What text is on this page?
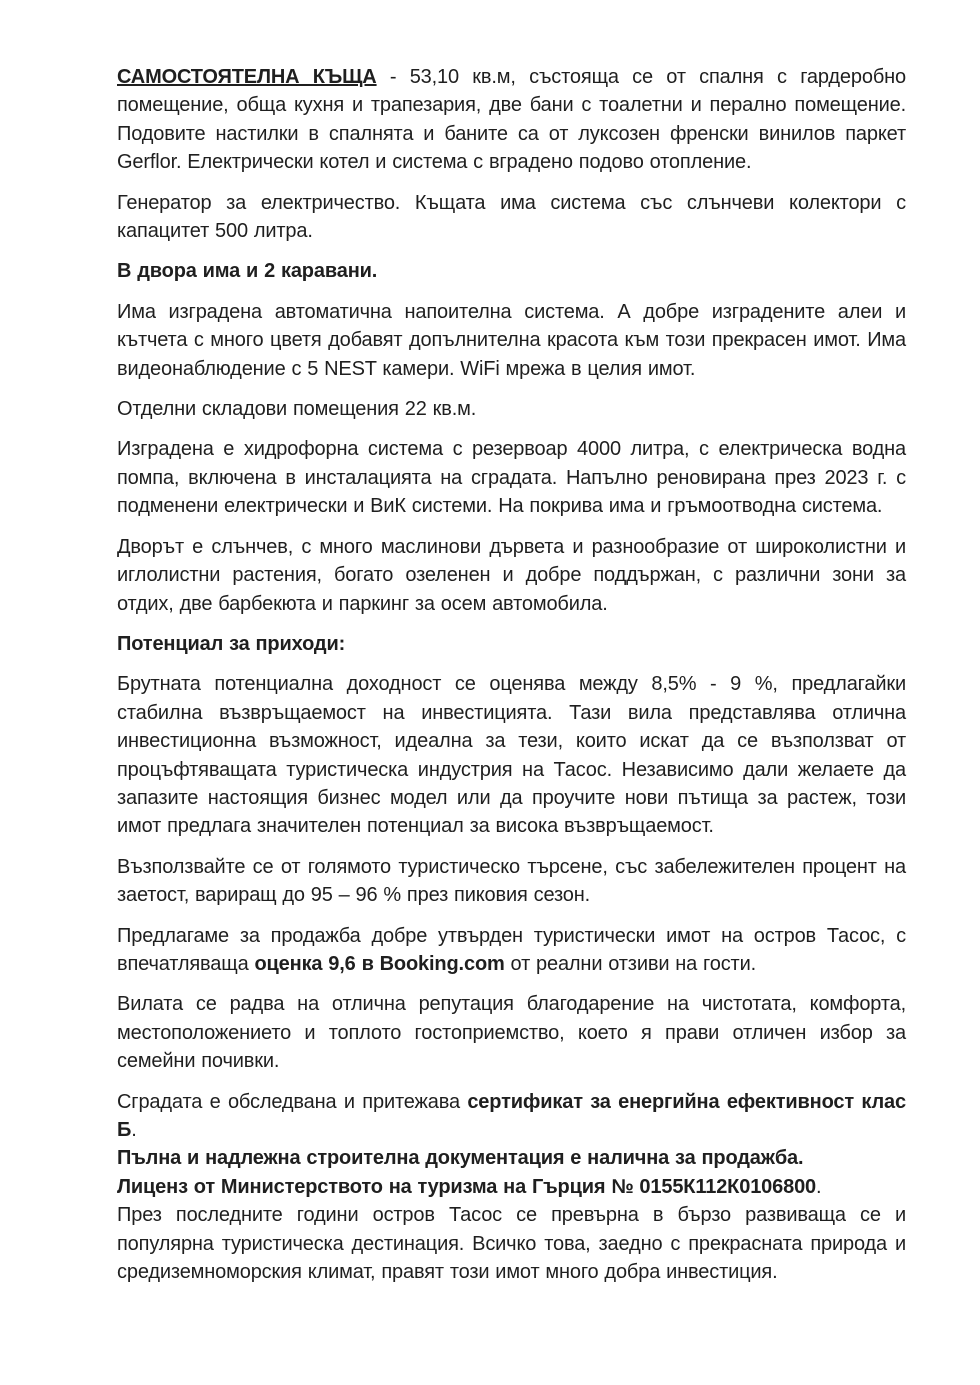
САМОСТОЯТЕЛНА КЪЩА - 53,10 кв.м, състояща се от спалня с гардеробно помещение, обща кухня и трапезария, две бани с тоалетни и перално помещение. Подовите настилки в спалнята и баните са от луксозен френски винилов паркет Gerflor. Електрически котел и система с вградено подово отопление.

Генератор за електричество. Къщата има система със слънчеви колектори с капацитет 500 литра.

В двора има и 2 каравани.

Има изградена автоматична напоителна система. А добре изградените алеи и кътчета с много цветя добавят допълнителна красота към този прекрасен имот. Има видеонаблюдение с 5 NEST камери. WiFi мрежа в целия имот.

Отделни складови помещения 22 кв.м.

Изградена е хидрофорна система с резервоар 4000 литра, с електрическа водна помпа, включена в инсталацията на сградата. Напълно реновирана през 2023 г. с подменени електрически и ВиК системи. На покрива има и гръмоотводна система.

Дворът е слънчев, с много маслинови дървета и разнообразие от широколистни и иглолистни растения, богато озеленен и добре поддържан, с различни зони за отдих, две барбекюта и паркинг за осем автомобила.

Потенциал за приходи:

Брутната потенциална доходност се оценява между 8,5% - 9 %, предлагайки стабилна възвръщаемост на инвестицията. Тази вила представлява отлична инвестиционна възможност, идеална за тези, които искат да се възползват от процъфтяващата туристическа индустрия на Тасос. Независимо дали желаете да запазите настоящия бизнес модел или да проучите нови пътища за растеж, този имот предлага значителен потенциал за висока възвръщаемост.

Възползвайте се от голямото туристическо търсене, със забележителен процент на заетост, вариращ до 95 – 96 % през пиковия сезон.

Предлагаме за продажба добре утвърден туристически имот на остров Тасос, с впечатляваща оценка 9,6 в Booking.com от реални отзиви на гости.

Вилата се радва на отлична репутация благодарение на чистотата, комфорта, местоположението и топлото гостоприемство, което я прави отличен избор за семейни почивки.

Сградата е обследвана и притежава сертификат за енергийна ефективност клас Б.

Пълна и надлежна строителна документация е налична за продажба.

Лиценз от Министерството на туризма на Гърция № 0155К112К0106800.

През последните години остров Тасос се превърна в бързо развиваща се и популярна туристическа дестинация. Всичко това, заедно с прекрасната природа и средиземноморския климат, правят този имот много добра инвестиция.
